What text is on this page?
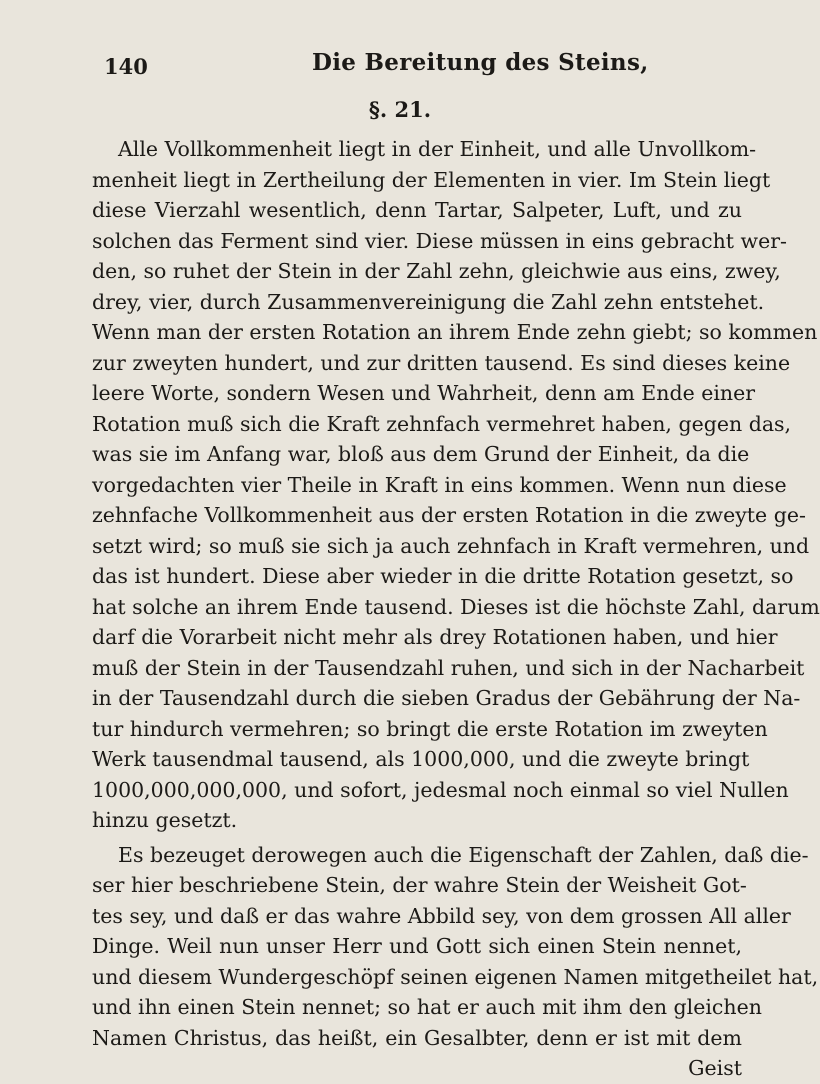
140	Die Bereitung des Steins,
§. 21.
Alle Vollkommenheit liegt in der Einheit, und alle Unvollkom-
menheit liegt in Zertheilung der Elementen in vier. Im Stein liegt
diese Vierzahl wesentlich, denn Tartar, Salpeter, Luft, und zu
solchen das Ferment sind vier. Diese müssen in eins gebracht wer-
den, so ruhet der Stein in der Zahl zehn, gleichwie aus eins, zwey,
drey, vier, durch Zusammenvereinigung die Zahl zehn entstehet.
Wenn man der ersten Rotation an ihrem Ende zehn giebt; so kommen
zur zweyten hundert, und zur dritten tausend. Es sind dieses keine
leere Worte, sondern Wesen und Wahrheit, denn am Ende einer
Rotation muß sich die Kraft zehnfach vermehret haben, gegen das,
was sie im Anfang war, bloß aus dem Grund der Einheit, da die
vorgedachten vier Theile in Kraft in eins kommen. Wenn nun diese
zehnfache Vollkommenheit aus der ersten Rotation in die zweyte ge-
setzt wird; so muß sie sich ja auch zehnfach in Kraft vermehren, und
das ist hundert. Diese aber wieder in die dritte Rotation gesetzt, so
hat solche an ihrem Ende tausend. Dieses ist die höchste Zahl, darum
darf die Vorarbeit nicht mehr als drey Rotationen haben, und hier
muß der Stein in der Tausendzahl ruhen, und sich in der Nacharbeit
in der Tausendzahl durch die sieben Gradus der Gebährung der Na-
tur hindurch vermehren; so bringt die erste Rotation im zweyten
Werk tausendmal tausend, als 1000,000, und die zweyte bringt
1000,000,000,000, und sofort, jedesmal noch einmal so viel Nullen
hinzu gesetzt.
Es bezeuget derowegen auch die Eigenschaft der Zahlen, daß die-
ser hier beschriebene Stein, der wahre Stein der Weisheit Got-
tes sey, und daß er das wahre Abbild sey, von dem grossen All aller
Dinge. Weil nun unser Herr und Gott sich einen Stein nennet,
und diesem Wundergeschöpf seinen eigenen Namen mitgetheilet hat,
und ihn einen Stein nennet; so hat er auch mit ihm den gleichen
Namen Christus, das heißt, ein Gesalbter, denn er ist mit dem
Geist
